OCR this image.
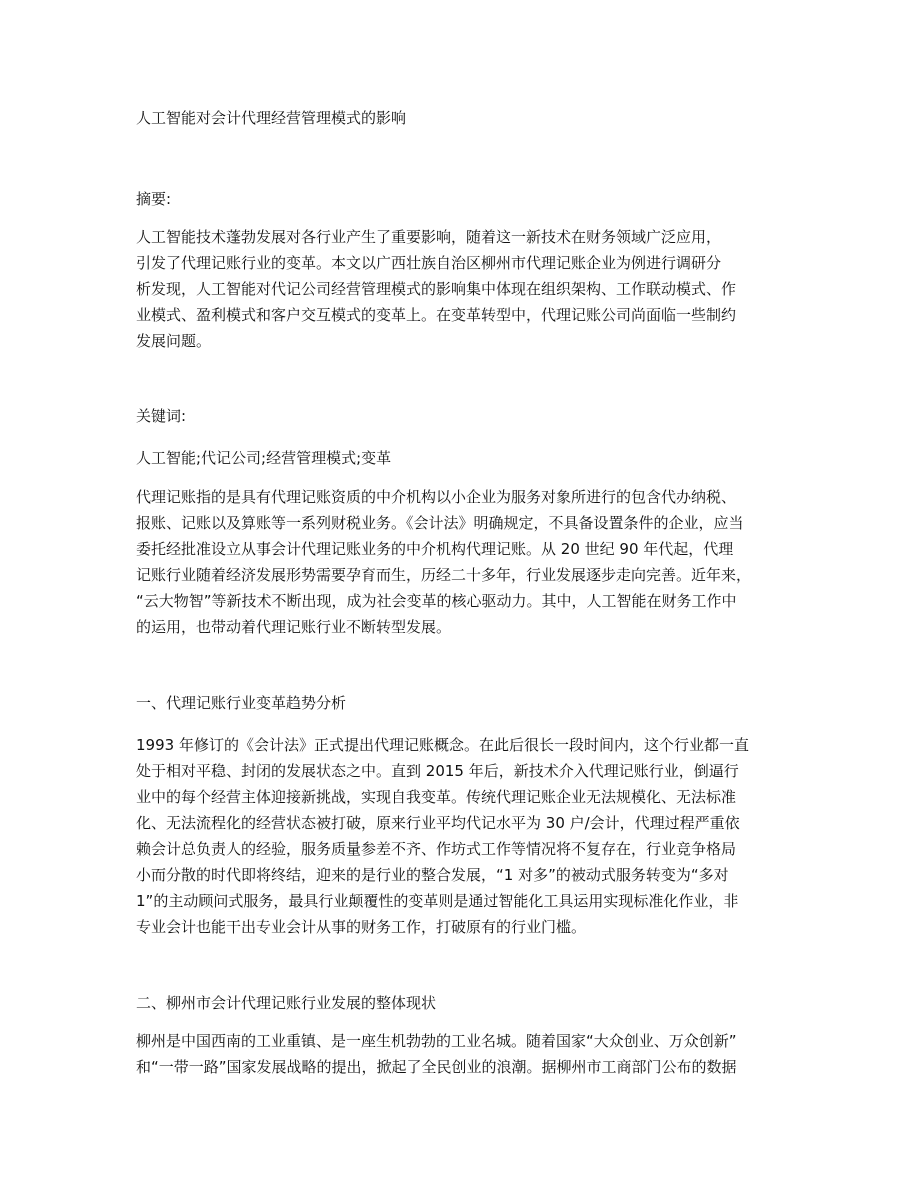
人工智能对会计代理经营管理模式的影响
摘要:
人工智能技术蓬勃发展对各行业产生了重要影响，随着这一新技术在财务领域广泛应用，
引发了代理记账行业的变革。本文以广西壮族自治区柳州市代理记账企业为例进行调研分
析发现，人工智能对代记公司经营管理模式的影响集中体现在组织架构、工作联动模式、作
业模式、盈利模式和客户交互模式的变革上。在变革转型中，代理记账公司尚面临一些制约
发展问题。
关键词:
人工智能;代记公司;经营管理模式;变革
代理记账指的是具有代理记账资质的中介机构以小企业为服务对象所进行的包含代办纳税、
报账、记账以及算账等一系列财税业务。《会计法》明确规定，不具备设置条件的企业，应当
委托经批准设立从事会计代理记账业务的中介机构代理记账。从 20 世纪 90 年代起，代理
记账行业随着经济发展形势需要孕育而生，历经二十多年，行业发展逐步走向完善。近年来，
“云大物智”等新技术不断出现，成为社会变革的核心驱动力。其中，人工智能在财务工作中
的运用，也带动着代理记账行业不断转型发展。
一、代理记账行业变革趋势分析
1993 年修订的《会计法》正式提出代理记账概念。在此后很长一段时间内，这个行业都一直
处于相对平稳、封闭的发展状态之中。直到 2015 年后，新技术介入代理记账行业，倒逼行
业中的每个经营主体迎接新挑战，实现自我变革。传统代理记账企业无法规模化、无法标准
化、无法流程化的经营状态被打破，原来行业平均代记水平为 30 户/会计，代理过程严重依
赖会计总负责人的经验，服务质量参差不齐、作坊式工作等情况将不复存在，行业竞争格局
小而分散的时代即将终结，迎来的是行业的整合发展，“1 对多”的被动式服务转变为“多对
1”的主动顾问式服务，最具行业颠覆性的变革则是通过智能化工具运用实现标准化作业，非
专业会计也能干出专业会计从事的财务工作，打破原有的行业门槛。
二、柳州市会计代理记账行业发展的整体现状
柳州是中国西南的工业重镇、是一座生机勃勃的工业名城。随着国家“大众创业、万众创新”
和“一带一路”国家发展战略的提出，掀起了全民创业的浪潮。据柳州市工商部门公布的数据
